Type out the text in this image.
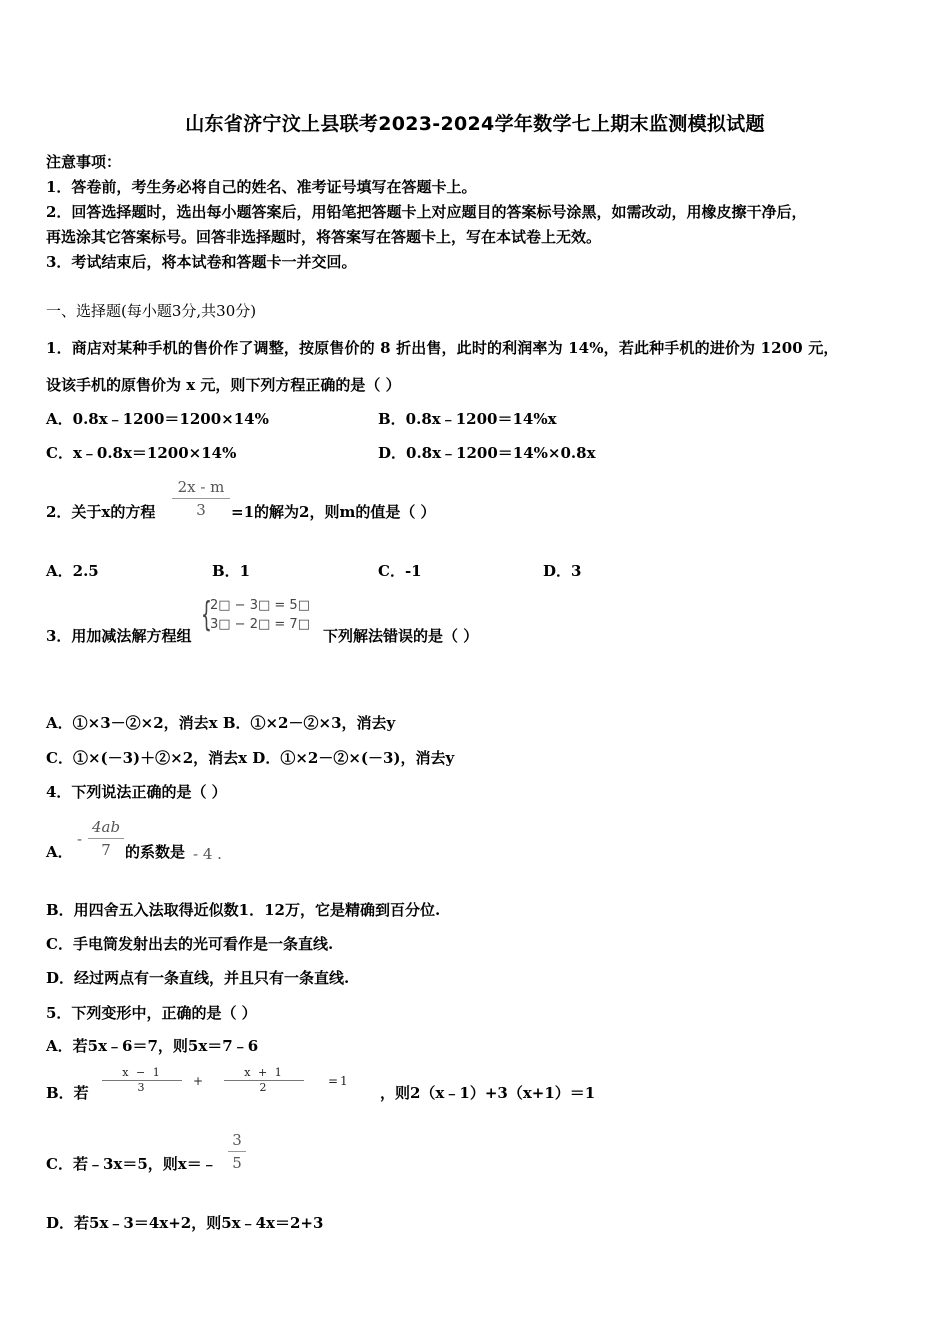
山东省济宁汶上县联考2023-2024学年数学七上期末监测模拟试题
注意事项：
1．答卷前，考生务必将自己的姓名、准考证号填写在答题卡上。
2．回答选择题时，选出每小题答案后，用铅笔把答题卡上对应题目的答案标号涂黑，如需改动，用橡皮擦干净后，
再选涂其它答案标号。回答非选择题时，将答案写在答题卡上，写在本试卷上无效。
3．考试结束后，将本试卷和答题卡一并交回。
一、选择题(每小题3分,共30分)
1．商店对某种手机的售价作了调整，按原售价的 8 折出售，此时的利润率为 14%，若此种手机的进价为 1200 元，
设该手机的原售价为 x 元，则下列方程正确的是（ ）
A．0.8x﹣1200＝1200×14%	B．0.8x﹣1200＝14%x
C．x﹣0.8x＝1200×14%	D．0.8x﹣1200＝14%×0.8x
2．关于x的方程
2x - m
3	=1的解为2，则m的值是（ ）
A．2.5	B．1	C．-1	D．3
3．用加减法解方程组
{
2□ − 3□ = 5□
3□ − 2□ = 7□
下列解法错误的是（ ）
A．①×3－②×2，消去x B．①×2－②×3，消去y
C．①×(－3)＋②×2，消去x D．①×2－②×(－3)，消去y
4．下列说法正确的是（ ）
A．
-
4ab
7 的系数是 - 4 .
B．用四舍五入法取得近似数1．12万，它是精确到百分位.
C．手电筒发射出去的光可看作是一条直线.
D．经过两点有一条直线，并且只有一条直线.
5．下列变形中，正确的是（ ）
A．若5x﹣6＝7，则5x＝7﹣6
B．若
x − 1
3	+
x + 1
2	=1
，则2（x﹣1）+3（x+1）＝1
C．若﹣3x＝5，则x＝﹣
3
5
D．若5x﹣3＝4x+2，则5x﹣4x＝2+3
